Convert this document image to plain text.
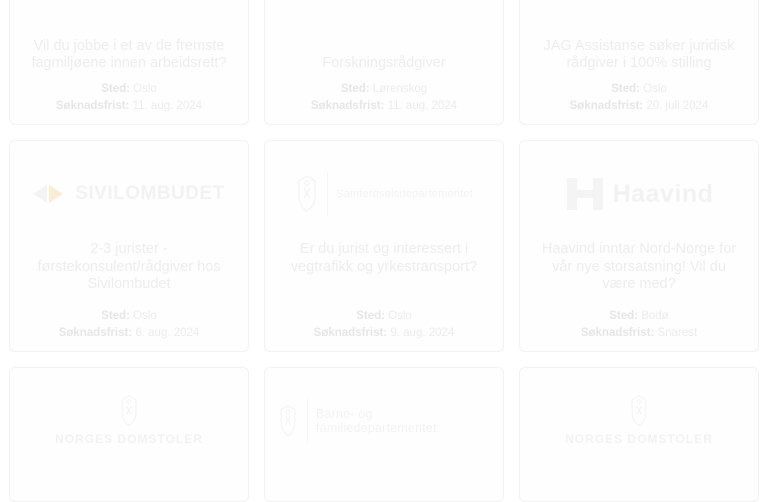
Vil du jobbe i et av de fremste fagmiljøene innen arbeidsrett?
Sted: Oslo
Søknadsfrist: 11. aug. 2024
Forskningsrådgiver
Sted: Lørenskog
Søknadsfrist: 11. aug. 2024
JAG Assistanse søker juridisk rådgiver i 100% stilling
Sted: Oslo
Søknadsfrist: 20. juli 2024
SIVILOMBUDET
2-3 jurister - førstekonsulent/rådgiver hos Sivilombudet
Sted: Oslo
Søknadsfrist: 6. aug. 2024
Samferdselsdepartementet
Er du jurist og interessert i vegtrafikk og yrkestransport?
Sted: Oslo
Søknadsfrist: 9. aug. 2024
Haavind
Haavind inntar Nord-Norge for vår nye storsatsning! Vil du være med?
Sted: Bodø
Søknadsfrist: Snarest
NORGES DOMSTOLER
Barne- og familiedepartementet
NORGES DOMSTOLER
